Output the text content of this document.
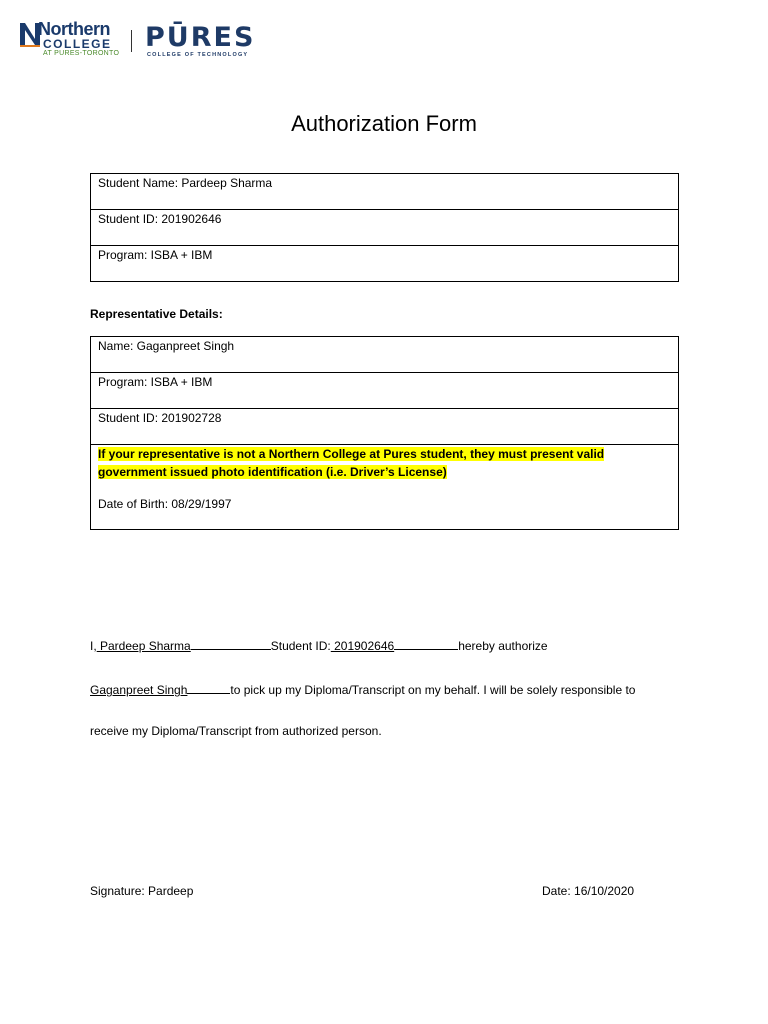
Northern
COLLEGE
AT PURES-TORONTO
PŪRES
COLLEGE OF TECHNOLOGY
Authorization Form
Student Name: Pardeep Sharma
Student ID: 201902646
Program: ISBA + IBM
Representative Details:
Name: Gaganpreet Singh
Program: ISBA + IBM
Student ID: 201902728
If your representative is not a Northern College at Pures student, they must present valid
government issued photo identification (i.e. Driver’s License)
Date of Birth: 08/29/1997
I, Pardeep Sharma	Student ID: 201902646	hereby authorize
Gaganpreet Singh	to pick up my Diploma/Transcript on my behalf. I will be solely responsible to
receive my Diploma/Transcript from authorized person.
Signature: Pardeep	Date: 16/10/2020
